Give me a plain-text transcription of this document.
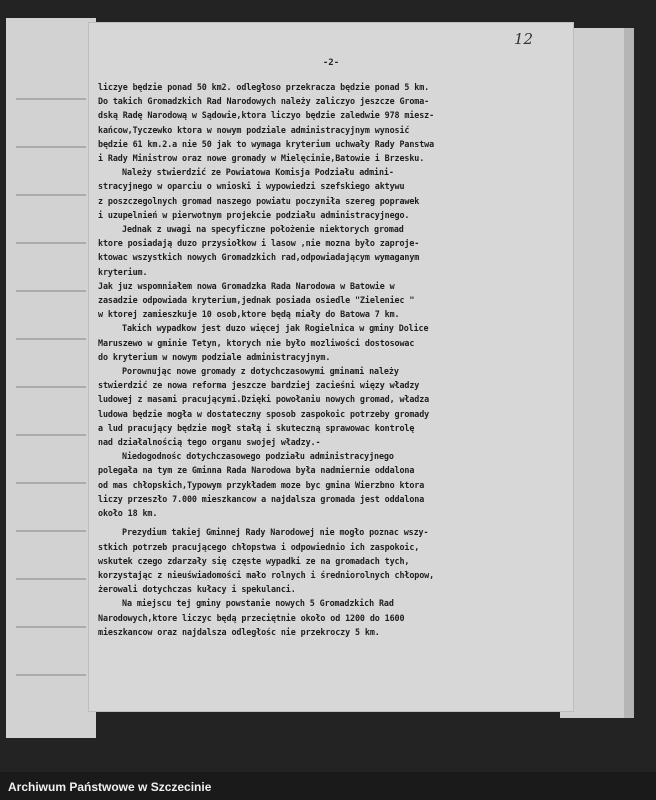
12
-2-
liczye będzie ponad 50 km2. odległoso przekracza będzie ponad 5 km.
Do takich Gromadzkich Rad Narodowych należy zaliczyo jeszcze Groma-
dską Radę Narodową w Sądowie,ktora liczyo będzie zaledwie 978 miesz-
kańcow,Tyczewko ktora w nowym podziale administracyjnym wynosić
będzie 61 km.2.a nie 50 jak to wymaga kryterium uchwały Rady Panstwa
i Rady Ministrow oraz nowe gromady w Mielęcinie,Batowie i Brzesku.
Należy stwierdzić ze Powiatowa Komisja Podziału admini-
stracyjnego w oparciu o wnioski i wypowiedzi szefskiego aktywu
z poszczegolnych gromad naszego powiatu poczyniła szereg poprawek
i uzupelnień w pierwotnym projekcie podziału administracyjnego.
Jednak z uwagi na specyficzne położenie niektorych gromad
ktore posiadają duzo przysiołkow i lasow ,nie mozna było zaproje-
ktowac wszystkich nowych Gromadzkich rad,odpowiadającym wymaganym
kryterium.
Jak juz wspomniałem nowa Gromadzka Rada Narodowa w Batowie w
zasadzie odpowiada kryterium,jednak posiada osiedle "Zieleniec "
w ktorej zamieszkuje 10 osob,ktore będą miały do Batowa 7 km.
Takich wypadkow jest duzo więcej jak Rogielnica w gminy Dolice
Maruszewo w gminie Tetyn, ktorych nie było mozliwości dostosowac
do kryterium w nowym podziale administracyjnym.
Porownując nowe gromady z dotychczasowymi gminami należy
stwierdzić ze nowa reforma jeszcze bardziej zacieśni więzy władzy
ludowej z masami pracującymi.Dzięki powołaniu nowych gromad, władza
ludowa będzie mogła w dostateczny sposob zaspokoic potrzeby gromady
a lud pracujący będzie mogł stałą i skuteczną sprawowac kontrolę
nad działalnością tego organu swojej władzy.-
Niedogodnośc dotychczasowego podziału administracyjnego
polegała na tym ze Gminna Rada Narodowa była nadmiernie oddalona
od mas chłopskich,Typowym przykładem moze byc gmina Wierzbno ktora
liczy przeszło 7.000 mieszkancow a najdalsza gromada jest oddalona
około 18 km.
Prezydium takiej Gminnej Rady Narodowej nie mogło poznac wszy-
stkich potrzeb pracującego chłopstwa i odpowiednio ich zaspokoic,
wskutek czego zdarzały się częste wypadki ze na gromadach tych,
korzystając z nieuświadomości mało rolnych i średniorolnych chłopow,
żerowali dotychczas kułacy i spekulanci.
Na miejscu tej gminy powstanie nowych 5 Gromadzkich Rad
Narodowych,ktore liczyc będą przeciętnie około od 1200 do 1600
mieszkancow oraz najdalsza odległośc nie przekroczy 5 km.
Archiwum Państwowe w Szczecinie
